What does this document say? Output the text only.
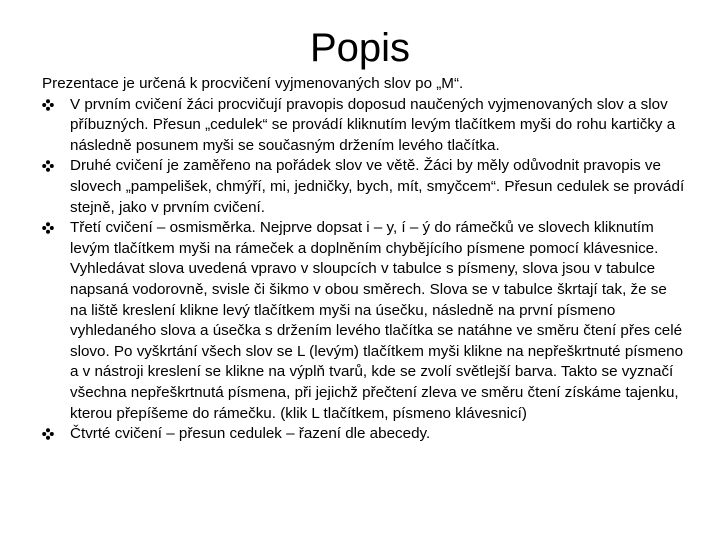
Popis

Prezentace je určená k procvičení vyjmenovaných slov po „M“.

V prvním cvičení žáci procvičují pravopis doposud naučených vyjmenovaných slov a slov příbuzných. Přesun „cedulek“ se provádí kliknutím levým tlačítkem myši do rohu kartičky a následně posunem myši se současným držením levého tlačítka.

Druhé cvičení je zaměřeno na pořádek slov ve větě. Žáci by měly odůvodnit pravopis ve slovech „pampelišek, chmýří, mi, jedničky, bych, mít, smyčcem“. Přesun cedulek se provádí stejně, jako v prvním cvičení.

Třetí cvičení – osmisměrka. Nejprve dopsat i – y, í – ý do rámečků ve slovech kliknutím levým tlačítkem myši na rámeček a doplněním chybějícího písmene pomocí klávesnice. Vyhledávat slova uvedená vpravo v sloupcích v tabulce s písmeny, slova jsou v tabulce napsaná vodorovně, svisle či šikmo v obou směrech. Slova se v tabulce škrtají tak, že se na liště kreslení klikne levý tlačítkem myši na úsečku, následně na první písmeno vyhledaného slova a úsečka s držením levého tlačítka se natáhne ve směru čtení přes celé slovo. Po vyškrtání všech slov se L (levým) tlačítkem myši klikne na nepřeškrtnuté písmeno a v nástroji kreslení se klikne na výplň tvarů, kde se zvolí světlejší barva. Takto se vyznačí všechna nepřeškrtnutá písmena, při jejichž přečtení zleva ve směru čtení získáme tajenku, kterou přepíšeme do rámečku. (klik L tlačítkem, písmeno klávesnicí)

Čtvrté cvičení – přesun cedulek – řazení dle abecedy.
